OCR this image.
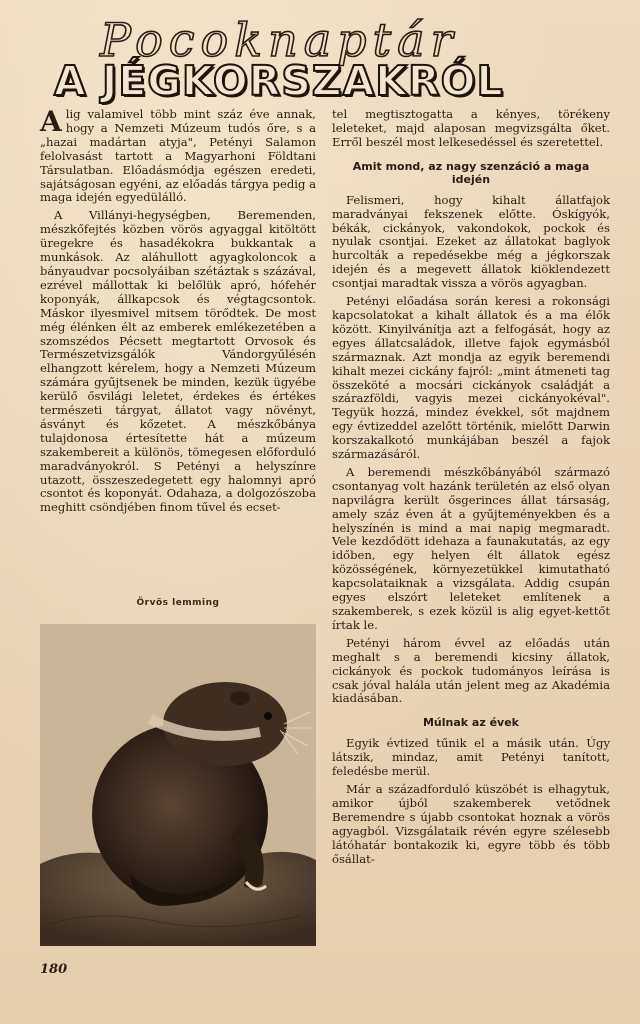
Pocoknaptár
A JÉGKORSZAKRÓL

Alig valamivel több mint száz éve annak, hogy a Nemzeti Múzeum tudós őre, s a „hazai madártan atyja", Petényi Salamon felolvasást tartott a Magyarhoni Földtani Társulatban. Előadásmódja egészen eredeti, sajátságosan egyéni, az előadás tárgya pedig a maga idején egyedülálló.

A Villányi-hegységben, Beremenden, mészkőfejtés közben vörös agyaggal kitöltött üregekre és hasadékokra bukkantak a munkások. Az aláhullott agyagkoloncok a bányaudvar pocsolyáiban szétáztak s százával, ezrével mállottak ki belőlük apró, hófehér koponyák, állkapcsok és végtagcsontok. Máskor ilyesmivel mitsem törődtek. De most még élénken élt az emberek emlékezetében a szomszédos Pécsett megtartott Orvosok és Természetvizsgálók Vándorgyűlésén elhangzott kérelem, hogy a Nemzeti Múzeum számára gyűjtsenek be minden, kezük ügyébe kerülő ősvilági leletet, érdekes és értékes természeti tárgyat, állatot vagy növényt, ásványt és kőzetet. A mészkőbánya tulajdonosa értesítette hát a múzeum szakembereit a különös, tömegesen előforduló maradványokról. S Petényi a helyszínre utazott, összeszedegetett egy halomnyi apró csontot és koponyát. Odahaza, a dolgozószoba meghitt csöndjében finom tűvel és ecset-

Örvös lemming

tel megtisztogatta a kényes, törékeny leleteket, majd alaposan megvizsgálta őket. Erről beszél most lelkesedéssel és szeretettel.

Amit mond, az nagy szenzáció a maga idején

Felismeri, hogy kihalt állatfajok maradványai fekszenek előtte. Óskígyók, békák, cickányok, vakondokok, pockok és nyulak csontjai. Ezeket az állatokat baglyok hurcolták a repedésekbe még a jégkorszak idején és a megevett állatok kiöklendezett csontjai maradtak vissza a vörös agyagban.

Petényi előadása során keresi a rokonsági kapcsolatokat a kihalt állatok és a ma élők között. Kinyilvánítja azt a felfogását, hogy az egyes állatcsaládok, illetve fajok egymásból származnak. Azt mondja az egyik beremendi kihalt mezei cickány fajról: „mint átmeneti tag összeköté a mocsári cickányok családját a szárazföldi, vagyis mezei cickányokéval". Tegyük hozzá, mindez évekkel, sőt majdnem egy évtizeddel azelőtt történik, mielőtt Darwin korszakalkotó munkájában beszél a fajok származásáról.

A beremendi mészkőbányából származó csontanyag volt hazánk területén az első olyan napvilágra került ősgerinces állat társaság, amely száz éven át a gyűjteményekben és a helyszínén is mind a mai napig megmaradt. Vele kezdődött idehaza a faunakutatás, az egy időben, egy helyen élt állatok egész közösségének, környezetükkel kimutatható kapcsolataiknak a vizsgálata. Addig csupán egyes elszórt leleteket említenek a szakemberek, s ezek közül is alig egyet-kettőt írtak le.

Petényi három évvel az előadás után meghalt s a beremendi kicsiny állatok, cickányok és pockok tudományos leírása is csak jóval halála után jelent meg az Akadémia kiadásában.

Múlnak az évek

Egyik évtized tűnik el a másik után. Úgy látszik, mindaz, amit Petényi tanított, feledésbe merül.

Már a századforduló küszöbét is elhagytuk, amikor újból szakemberek vetődnek Beremendre s újabb csontokat hoznak a vörös agyagból. Vizsgálataik révén egyre szélesebb látóhatár bontakozik ki, egyre több és több ősállat-

180
